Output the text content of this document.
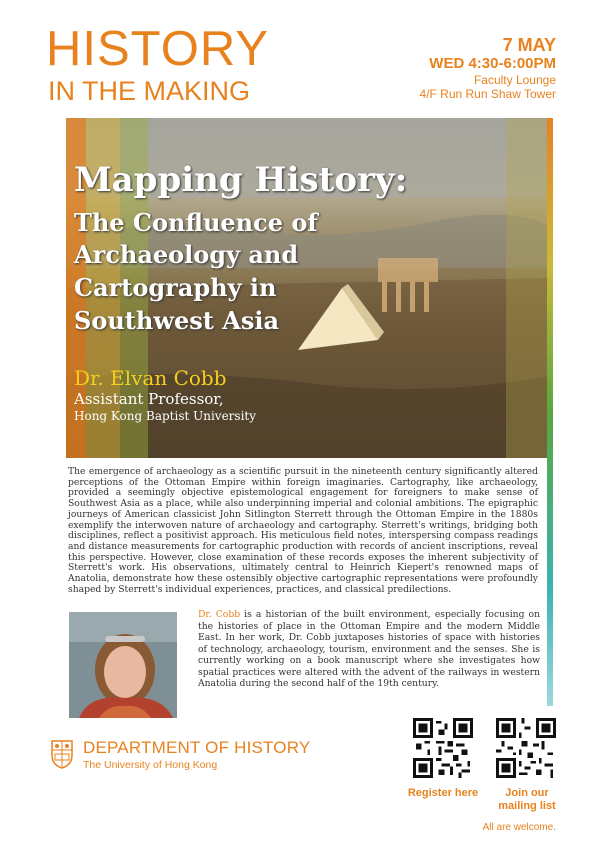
HISTORY
IN THE MAKING
7 MAY
WED 4:30-6:00PM
Faculty Lounge
4/F Run Run Shaw Tower
Mapping History:
The Confluence of
Archaeology and
Cartography in
Southwest Asia
Dr. Elvan Cobb
Assistant Professor,
Hong Kong Baptist University
The emergence of archaeology as a scientific pursuit in the nineteenth century significantly altered perceptions of the Ottoman Empire within foreign imaginaries. Cartography, like archaeology, provided a seemingly objective epistemological engagement for foreigners to make sense of Southwest Asia as a place, while also underpinning imperial and colonial ambitions. The epigraphic journeys of American classicist John Sitlington Sterrett through the Ottoman Empire in the 1880s exemplify the interwoven nature of archaeology and cartography. Sterrett's writings, bridging both disciplines, reflect a positivist approach. His meticulous field notes, interspersing compass readings and distance measurements for cartographic production with records of ancient inscriptions, reveal this perspective. However, close examination of these records exposes the inherent subjectivity of Sterrett's work. His observations, ultimately central to Heinrich Kiepert's renowned maps of Anatolia, demonstrate how these ostensibly objective cartographic representations were profoundly shaped by Sterrett's individual experiences, practices, and classical predilections.
Dr. Cobb is a historian of the built environment, especially focusing on the histories of place in the Ottoman Empire and the modern Middle East. In her work, Dr. Cobb juxtaposes histories of space with histories of technology, archaeology, tourism, environment and the senses. She is currently working on a book manuscript where she investigates how spatial practices were altered with the advent of the railways in western Anatolia during the second half of the 19th century.
DEPARTMENT OF HISTORY
The University of Hong Kong
Register here	Join our
mailing list
All are welcome.
